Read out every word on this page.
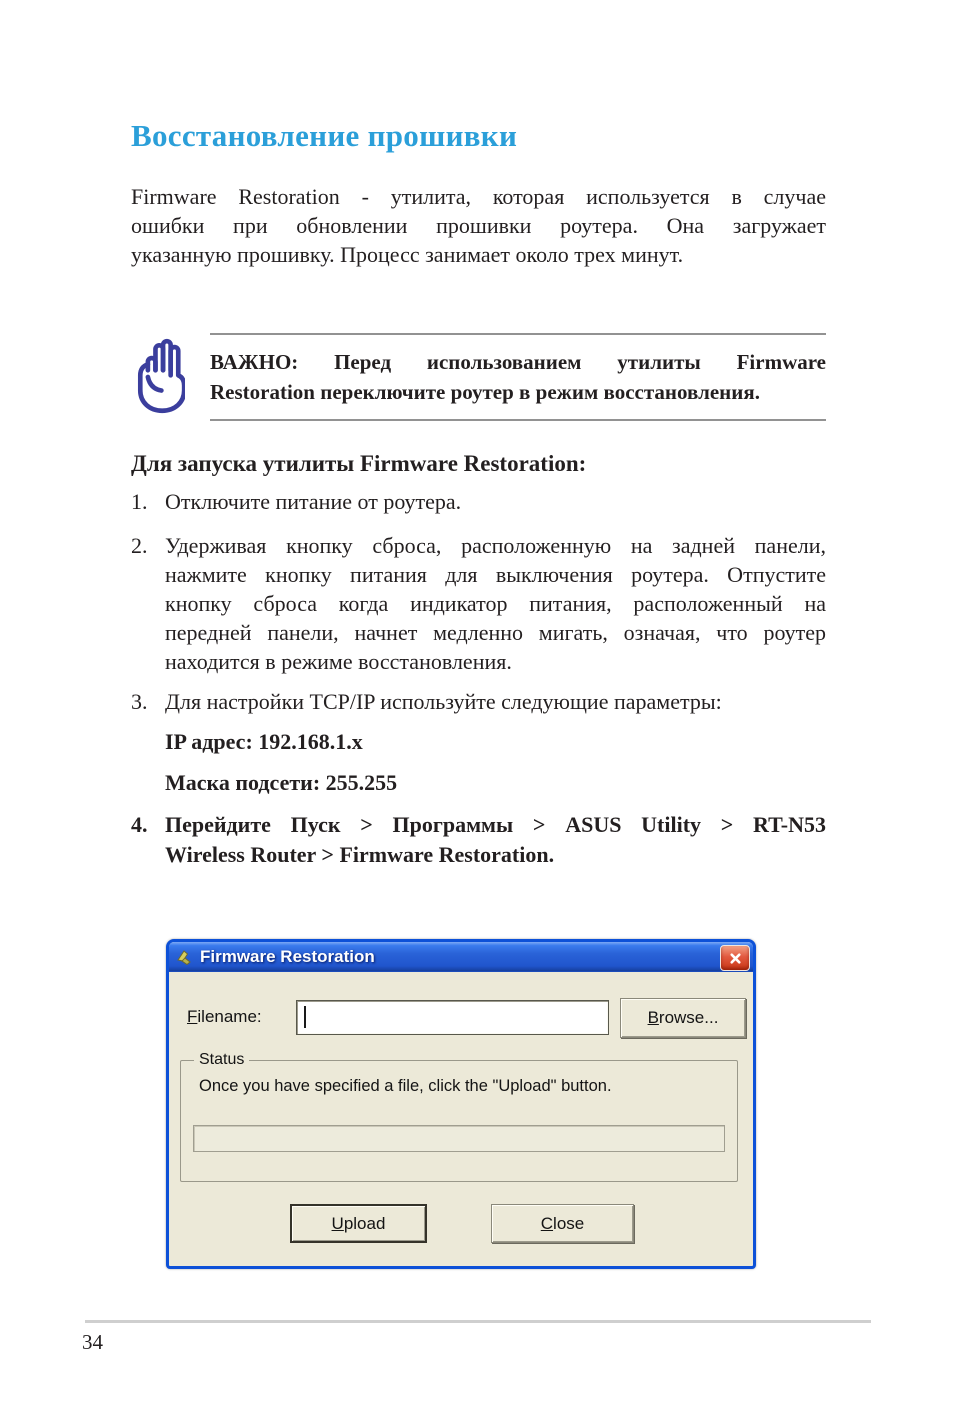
Восстановление прошивки
Firmware Restoration - утилита, которая используется в случае
ошибки при обновлении прошивки роутера. Она загружает
указанную прошивку. Процесс занимает около трех минут.
ВАЖНО: Перед использованием утилиты Firmware
Restoration переключите роутер в режим восстановления.
Для запуска утилиты Firmware Restoration:
1. Отключите питание от роутера.
2. Удерживая кнопку сброса, расположенную на задней панели,
нажмите кнопку питания для выключения роутера. Отпустите
кнопку сброса когда индикатор питания, расположенный на
передней панели, начнет медленно мигать, означая, что роутер
находится в режиме восстановления.
3. Для настройки TCP/IP используйте следующие параметры:
IP адрес: 192.168.1.x
Маска подсети: 255.255
4. Перейдите Пуск > Программы > ASUS Utility > RT-N53
Wireless Router > Firmware Restoration.
Firmware Restoration
Filename:	Browse...
Status
Once you have specified a file, click the "Upload" button.
Upload	Close
34
